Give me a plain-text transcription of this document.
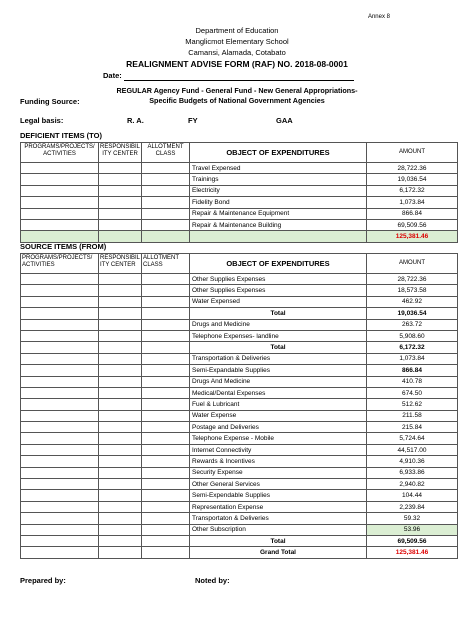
Annex 8
Department of Education
Manglicmot Elementary School
Camansi, Alamada, Cotabato
REALIGNMENT ADVISE FORM (RAF) NO. 2018-08-0001
Date:
REGULAR Agency Fund - General Fund - New General Appropriations-
Funding Source:	Specific Budgets of National Government Agencies
Legal basis:	R. A.	FY	GAA
DEFICIENT ITEMS (TO)
PROGRAMS/PROJECTS/ ACTIVITIES	RESPONSIBIL ITY CENTER	ALLOTMENT CLASS	OBJECT OF EXPENDITURES	AMOUNT
			Travel Expensed	28,722.36
			Trainings	19,036.54
			Electricity	6,172.32
			Fidelity Bond	1,073.84
			Repair & Maintenance Equipment	866.84
			Repair & Maintenance Building	69,509.56
				125,381.46
SOURCE ITEMS (FROM)
PROGRAMS/PROJECTS/ ACTIVITIES	RESPONSIBIL ITY CENTER	ALLOTMENT CLASS	OBJECT OF EXPENDITURES	AMOUNT
			Other Supplies Expenses	28,722.36
			Other Supplies Expenses	18,573.58
			Water Expensed	462.92
			Total	19,036.54
			Drugs and Medicine	263.72
			Telephone Expenses- landline	5,908.60
			Total	6,172.32
			Transportation & Deliveries	1,073.84
			Semi-Expandable Supplies	866.84
			Drugs And Medicine	410.78
			Medical/Dental Expenses	674.50
			Fuel & Lubricant	512.62
			Water Expense	211.58
			Postage and Deliveries	215.84
			Telephone Expense - Mobile	5,724.64
			Internet Connectivity	44,517.00
			Rewards & Incentives	4,910.36
			Security Expense	6,933.86
			Other General Services	2,940.82
			Semi-Expendable Supplies	104.44
			Representation Expense	2,239.84
			Transportaton & Deliveries	59.32
			Other Subscription	53.96
			Total	69,509.56
			Grand Total	125,381.46
Prepared by:	Noted by:
